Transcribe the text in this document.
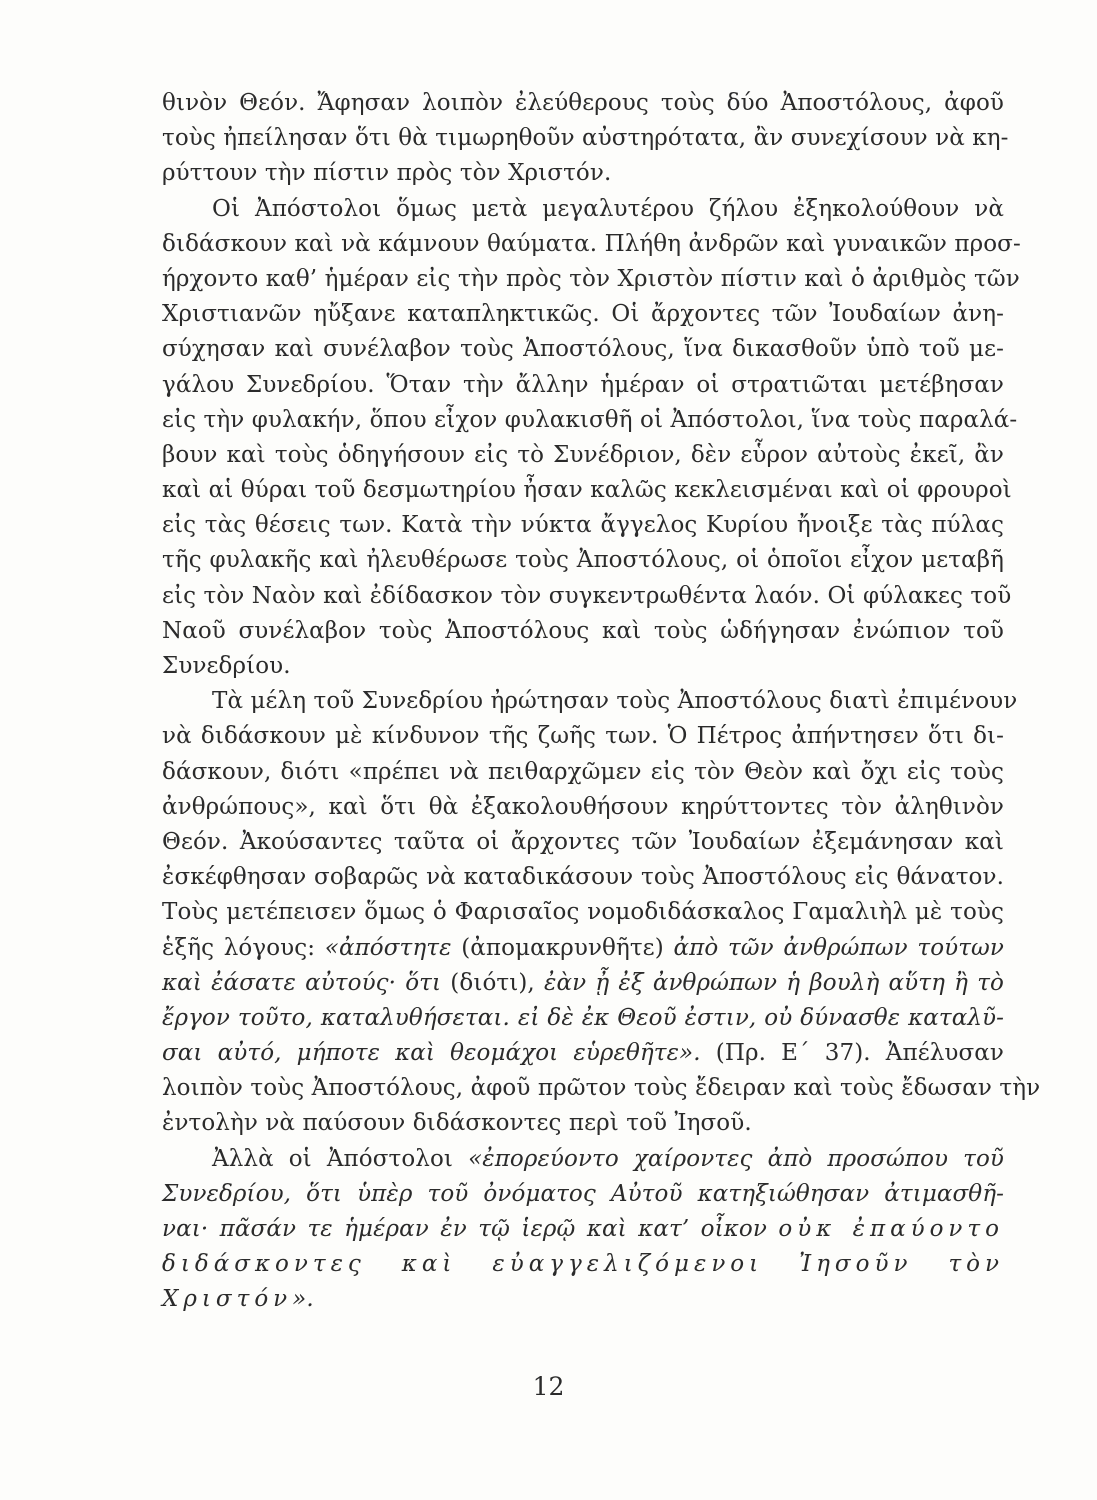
θινὸν Θεόν. Ἄφησαν λοιπὸν ἐλεύθερους τοὺς δύο Ἀποστόλους, ἀφοῦ
τοὺς ἠπείλησαν ὅτι θὰ τιμωρηθοῦν αὐστηρότατα, ἂν συνεχίσουν νὰ κη-
ρύττουν τὴν πίστιν πρὸς τὸν Χριστόν.
Οἱ Ἀπόστολοι ὅμως μετὰ μεγαλυτέρου ζήλου ἐξηκολούθουν νὰ
διδάσκουν καὶ νὰ κάμνουν θαύματα. Πλήθη ἀνδρῶν καὶ γυναικῶν προσ-
ήρχοντο καθ’ ἡμέραν εἰς τὴν πρὸς τὸν Χριστὸν πίστιν καὶ ὁ ἀριθμὸς τῶν
Χριστιανῶν ηὔξανε καταπληκτικῶς. Οἱ ἄρχοντες τῶν Ἰουδαίων ἀνη-
σύχησαν καὶ συνέλαβον τοὺς Ἀποστόλους, ἵνα δικασθοῦν ὑπὸ τοῦ με-
γάλου Συνεδρίου. Ὅταν τὴν ἄλλην ἡμέραν οἱ στρατιῶται μετέβησαν
εἰς τὴν φυλακήν, ὅπου εἶχον φυλακισθῆ οἱ Ἀπόστολοι, ἵνα τοὺς παραλά-
βουν καὶ τοὺς ὁδηγήσουν εἰς τὸ Συνέδριον, δὲν εὗρον αὐτοὺς ἐκεῖ, ἂν
καὶ αἱ θύραι τοῦ δεσμωτηρίου ἦσαν καλῶς κεκλεισμέναι καὶ οἱ φρουροὶ
εἰς τὰς θέσεις των. Κατὰ τὴν νύκτα ἄγγελος Κυρίου ἤνοιξε τὰς πύλας
τῆς φυλακῆς καὶ ἠλευθέρωσε τοὺς Ἀποστόλους, οἱ ὁποῖοι εἶχον μεταβῆ
εἰς τὸν Ναὸν καὶ ἐδίδασκον τὸν συγκεντρωθέντα λαόν. Οἱ φύλακες τοῦ
Ναοῦ συνέλαβον τοὺς Ἀποστόλους καὶ τοὺς ὡδήγησαν ἐνώπιον τοῦ
Συνεδρίου.
Τὰ μέλη τοῦ Συνεδρίου ἠρώτησαν τοὺς Ἀποστόλους διατὶ ἐπιμένουν
νὰ διδάσκουν μὲ κίνδυνον τῆς ζωῆς των. Ὁ Πέτρος ἀπήντησεν ὅτι δι-
δάσκουν, διότι «πρέπει νὰ πειθαρχῶμεν εἰς τὸν Θεὸν καὶ ὄχι εἰς τοὺς
ἀνθρώπους», καὶ ὅτι θὰ ἐξακολουθήσουν κηρύττοντες τὸν ἀληθινὸν
Θεόν. Ἀκούσαντες ταῦτα οἱ ἄρχοντες τῶν Ἰουδαίων ἐξεμάνησαν καὶ
ἐσκέφθησαν σοβαρῶς νὰ καταδικάσουν τοὺς Ἀποστόλους εἰς θάνατον.
Τοὺς μετέπεισεν ὅμως ὁ Φαρισαῖος νομοδιδάσκαλος Γαμαλιὴλ μὲ τοὺς
ἑξῆς λόγους: «ἀπόστητε (ἀπομακρυνθῆτε) ἀπὸ τῶν ἀνθρώπων τούτων
καὶ ἐάσατε αὐτούς· ὅτι (διότι), ἐὰν ᾖ ἐξ ἀνθρώπων ἡ βουλὴ αὕτη ἢ τὸ
ἔργον τοῦτο, καταλυθήσεται. εἰ δὲ ἐκ Θεοῦ ἐστιν, οὐ δύνασθε καταλῦ-
σαι αὐτό, μήποτε καὶ θεομάχοι εὑρεθῆτε». (Πρ. Ε΄ 37). Ἀπέλυσαν
λοιπὸν τοὺς Ἀποστόλους, ἀφοῦ πρῶτον τοὺς ἔδειραν καὶ τοὺς ἔδωσαν τὴν
ἐντολὴν νὰ παύσουν διδάσκοντες περὶ τοῦ Ἰησοῦ.
Ἀλλὰ οἱ Ἀπόστολοι «ἐπορεύοντο χαίροντες ἀπὸ προσώπου τοῦ
Συνεδρίου, ὅτι ὑπὲρ τοῦ ὀνόματος Αὐτοῦ κατηξιώθησαν ἀτιμασθῆ-
ναι· πᾶσάν τε ἡμέραν ἐν τῷ ἱερῷ καὶ κατ’ οἶκον οὐκ ἐπαύοντο
διδάσκοντες καὶ εὐαγγελιζόμενοι Ἰησοῦν τὸν
Χριστόν».
12
